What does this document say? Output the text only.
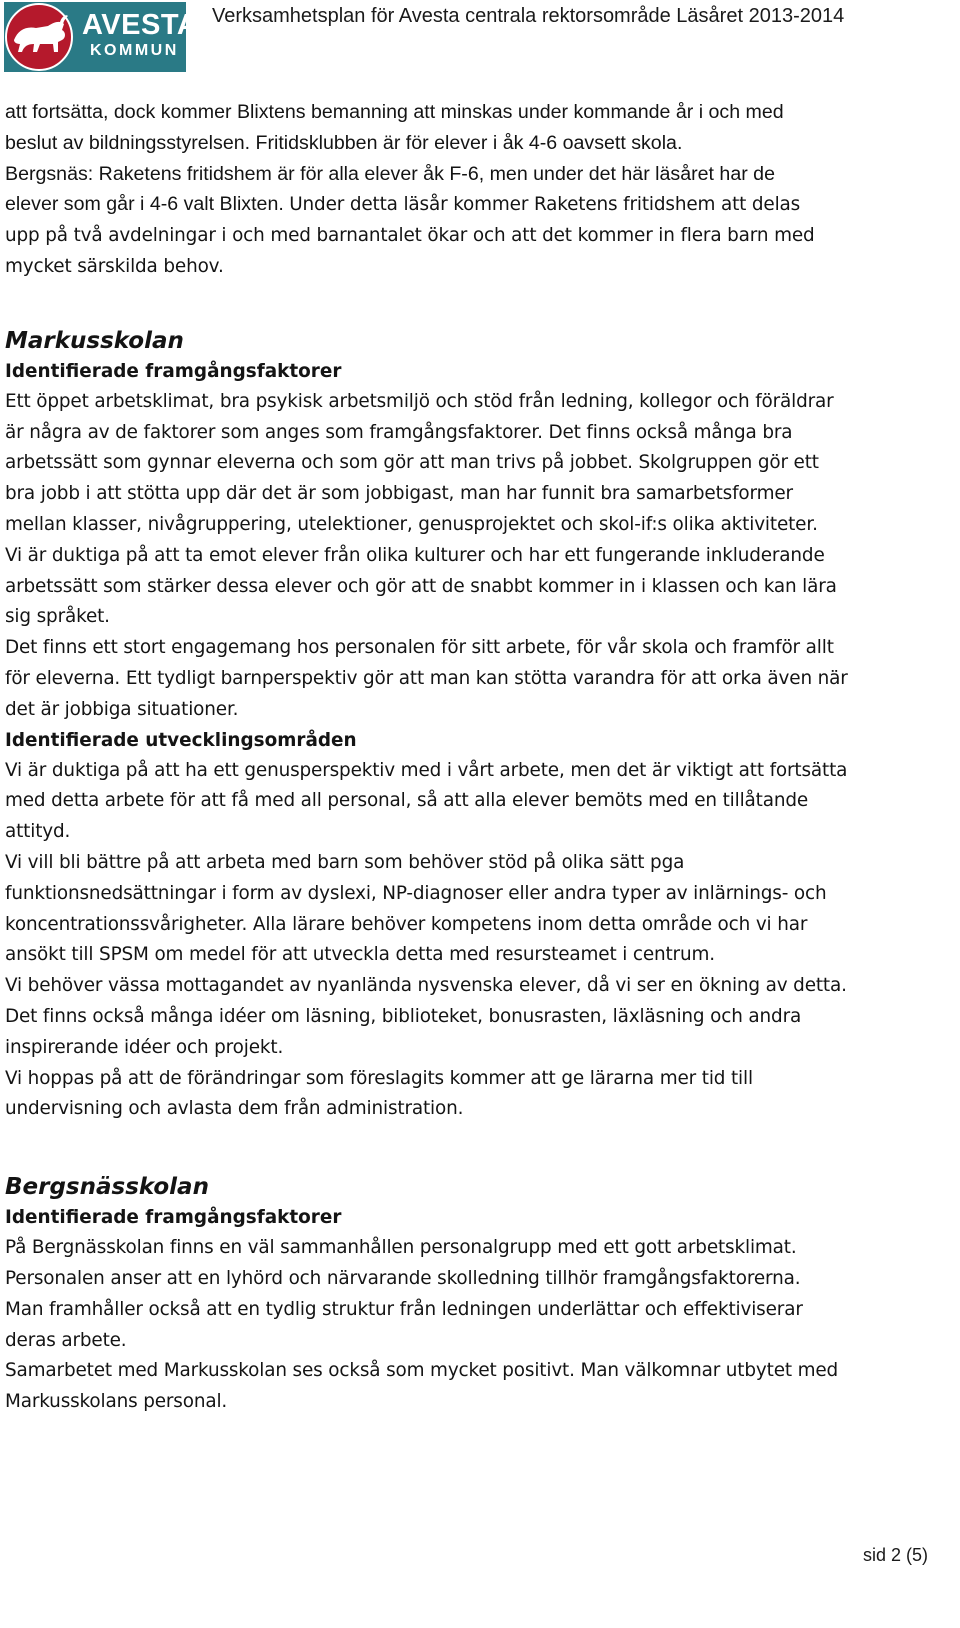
AVESTA
KOMMUN
Verksamhetsplan för Avesta centrala rektorsområde Läsåret 2013-2014

att fortsätta, dock kommer Blixtens bemanning att minskas under kommande år i och med

beslut av bildningsstyrelsen. Fritidsklubben är för elever i åk 4-6 oavsett skola.

Bergsnäs: Raketens fritidshem är för alla elever åk F-6, men under det här läsåret har de

elever som går i 4-6 valt Blixten. Under detta läsår kommer Raketens fritidshem att delas

upp på två avdelningar i och med barnantalet ökar och att det kommer in flera barn med

mycket särskilda behov.

Markusskolan
Identifierade framgångsfaktorer

Ett öppet arbetsklimat, bra psykisk arbetsmiljö och stöd från ledning, kollegor och föräldrar

är några av de faktorer som anges som framgångsfaktorer. Det finns också många bra

arbetssätt som gynnar eleverna och som gör att man trivs på jobbet. Skolgruppen gör ett

bra jobb i att stötta upp där det är som jobbigast, man har funnit bra samarbetsformer

mellan klasser, nivågruppering, utelektioner, genusprojektet och skol-if:s olika aktiviteter.

Vi är duktiga på att ta emot elever från olika kulturer och har ett fungerande inkluderande

arbetssätt som stärker dessa elever och gör att de snabbt kommer in i klassen och kan lära

sig språket.

Det finns ett stort engagemang hos personalen för sitt arbete, för vår skola och framför allt

för eleverna. Ett tydligt barnperspektiv gör att man kan stötta varandra för att orka även när

det är jobbiga situationer.

Identifierade utvecklingsområden

Vi är duktiga på att ha ett genusperspektiv med i vårt arbete, men det är viktigt att fortsätta

med detta arbete för att få med all personal, så att alla elever bemöts med en tillåtande

attityd.

Vi vill bli bättre på att arbeta med barn som behöver stöd på olika sätt pga

funktionsnedsättningar i form av dyslexi, NP-diagnoser eller andra typer av inlärnings- och

koncentrationssvårigheter. Alla lärare behöver kompetens inom detta område och vi har

ansökt till SPSM om medel för att utveckla detta med resursteamet i centrum.

Vi behöver vässa mottagandet av nyanlända nysvenska elever, då vi ser en ökning av detta.

Det finns också många idéer om läsning, biblioteket, bonusrasten, läxläsning och andra

inspirerande idéer och projekt.

Vi hoppas på att de förändringar som föreslagits kommer att ge lärarna mer tid till

undervisning och avlasta dem från administration.

Bergsnässkolan
Identifierade framgångsfaktorer

På Bergnässkolan finns en väl sammanhållen personalgrupp med ett gott arbetsklimat.

Personalen anser att en lyhörd och närvarande skolledning tillhör framgångsfaktorerna.

Man framhåller också att en tydlig struktur från ledningen underlättar och effektiviserar

deras arbete.

Samarbetet med Markusskolan ses också som mycket positivt. Man välkomnar utbytet med

Markusskolans personal.

sid 2 (5)
